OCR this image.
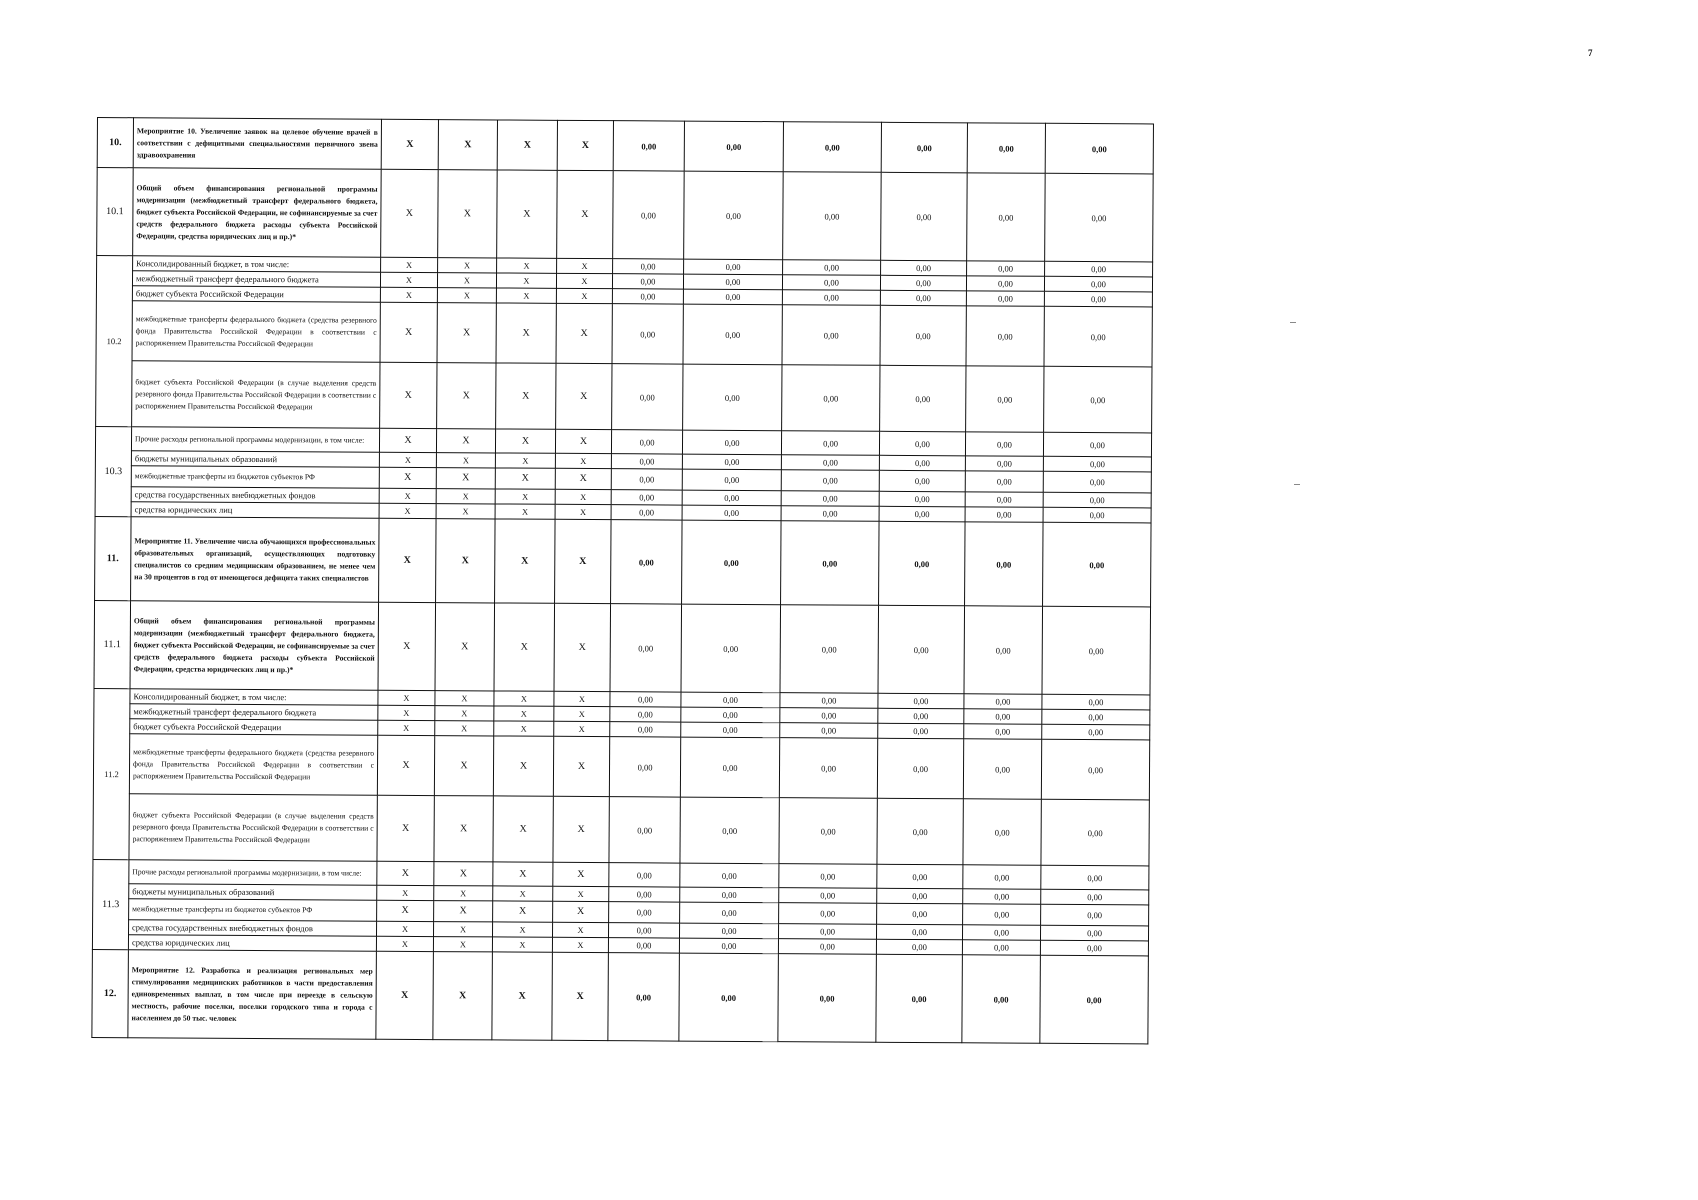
7
10.	Мероприятие 10. Увеличение заявок на целевое обучение врачей в соответствии с дефицитными специальностями первичного звена здравоохранения	X	X	X	X	0,00	0,00	0,00	0,00	0,00	0,00
10.1	Общий объем финансирования региональной программы модернизации (межбюджетный трансферт федерального бюджета, бюджет субъекта Российской Федерации, не софинансируемые за счет средств федерального бюджета расходы субъекта Российской Федерации, средства юридических лиц и пр.)*	X	X	X	X	0,00	0,00	0,00	0,00	0,00	0,00
10.2	Консолидированный бюджет, в том числе:	X	X	X	X	0,00	0,00	0,00	0,00	0,00	0,00
	межбюджетный трансферт федерального бюджета	X	X	X	X	0,00	0,00	0,00	0,00	0,00	0,00
	бюджет субъекта Российской Федерации	X	X	X	X	0,00	0,00	0,00	0,00	0,00	0,00
	межбюджетные трансферты федерального бюджета (средства резервного фонда Правительства Российской Федерации в соответствии с распоряжением Правительства Российской Федерации	X	X	X	X	0,00	0,00	0,00	0,00	0,00	0,00
	бюджет субъекта Российской Федерации (в случае выделения средств резервного фонда Правительства Российской Федерации в соответствии с распоряжением Правительства Российской Федерации	X	X	X	X	0,00	0,00	0,00	0,00	0,00	0,00
10.3	Прочие расходы региональной программы модернизации, в том числе:	X	X	X	X	0,00	0,00	0,00	0,00	0,00	0,00
	бюджеты муниципальных образований	X	X	X	X	0,00	0,00	0,00	0,00	0,00	0,00
	межбюджетные трансферты из бюджетов субъектов РФ	X	X	X	X	0,00	0,00	0,00	0,00	0,00	0,00
	средства государственных внебюджетных фондов	X	X	X	X	0,00	0,00	0,00	0,00	0,00	0,00
	средства юридических лиц	X	X	X	X	0,00	0,00	0,00	0,00	0,00	0,00
11.	Мероприятие 11. Увеличение числа обучающихся профессиональных образовательных организаций, осуществляющих подготовку специалистов со средним медицинским образованием, не менее чем на 30 процентов в год от имеющегося дефицита таких специалистов	X	X	X	X	0,00	0,00	0,00	0,00	0,00	0,00
11.1	Общий объем финансирования региональной программы модернизации (межбюджетный трансферт федерального бюджета, бюджет субъекта Российской Федерации, не софинансируемые за счет средств федерального бюджета расходы субъекта Российской Федерации, средства юридических лиц и пр.)*	X	X	X	X	0,00	0,00	0,00	0,00	0,00	0,00
11.2	Консолидированный бюджет, в том числе:	X	X	X	X	0,00	0,00	0,00	0,00	0,00	0,00
	межбюджетный трансферт федерального бюджета	X	X	X	X	0,00	0,00	0,00	0,00	0,00	0,00
	бюджет субъекта Российской Федерации	X	X	X	X	0,00	0,00	0,00	0,00	0,00	0,00
	межбюджетные трансферты федерального бюджета (средства резервного фонда Правительства Российской Федерации в соответствии с распоряжением Правительства Российской Федерации	X	X	X	X	0,00	0,00	0,00	0,00	0,00	0,00
	бюджет субъекта Российской Федерации (в случае выделения средств резервного фонда Правительства Российской Федерации в соответствии с распоряжением Правительства Российской Федерации	X	X	X	X	0,00	0,00	0,00	0,00	0,00	0,00
11.3	Прочие расходы региональной программы модернизации, в том числе:	X	X	X	X	0,00	0,00	0,00	0,00	0,00	0,00
	бюджеты муниципальных образований	X	X	X	X	0,00	0,00	0,00	0,00	0,00	0,00
	межбюджетные трансферты из бюджетов субъектов РФ	X	X	X	X	0,00	0,00	0,00	0,00	0,00	0,00
	средства государственных внебюджетных фондов	X	X	X	X	0,00	0,00	0,00	0,00	0,00	0,00
	средства юридических лиц	X	X	X	X	0,00	0,00	0,00	0,00	0,00	0,00
12.	Мероприятие 12. Разработка и реализация региональных мер стимулирования медицинских работников в части предоставления единовременных выплат, в том числе при переезде в сельскую местность, рабочие поселки, поселки городского типа и города с населением до 50 тыс. человек	X	X	X	X	0,00	0,00	0,00	0,00	0,00	0,00
